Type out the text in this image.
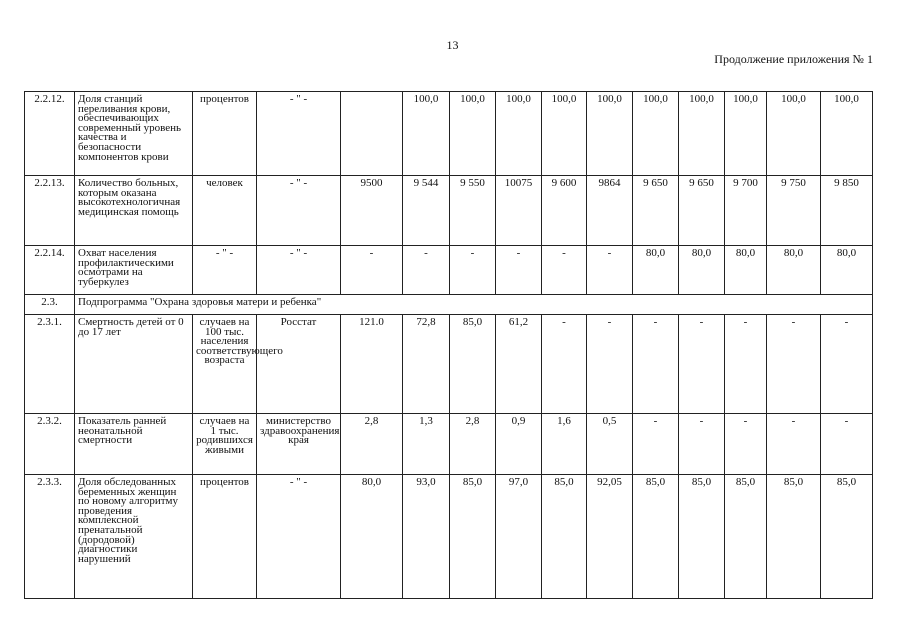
13
Продолжение приложения № 1
2.2.12.	Доля станций переливания крови, обеспечивающих современный уровень качества и безопасности компонентов крови	процентов	- " -		100,0	100,0	100,0	100,0	100,0	100,0	100,0	100,0	100,0	100,0
2.2.13.	Количество больных, которым оказана высокотехнологичная медицинская помощь	человек	- " -	9500	9 544	9 550	10075	9 600	9864	9 650	9 650	9 700	9 750	9 850
2.2.14.	Охват населения профилактическими осмотрами на туберкулез	- " -	- " -	-	-	-	-	-	-	80,0	80,0	80,0	80,0	80,0
2.3.	Подпрограмма "Охрана здоровья матери и ребенка"													
2.3.1.	Смертность детей от 0 до 17 лет	случаев на 100 тыс. населения соответствующего возраста	Росстат	121.0	72,8	85,0	61,2	-	-	-	-	-	-	-
2.3.2.	Показатель ранней неонатальной смертности	случаев на 1 тыс. родившихся живыми	министерство здравоохранения края	2,8	1,3	2,8	0,9	1,6	0,5	-	-	-	-	-
2.3.3.	Доля обследованных беременных женщин по новому алгоритму проведения комплексной пренатальной (дородовой) диагностики нарушений	процентов	- " -	80,0	93,0	85,0	97,0	85,0	92,05	85,0	85,0	85,0	85,0	85,0
